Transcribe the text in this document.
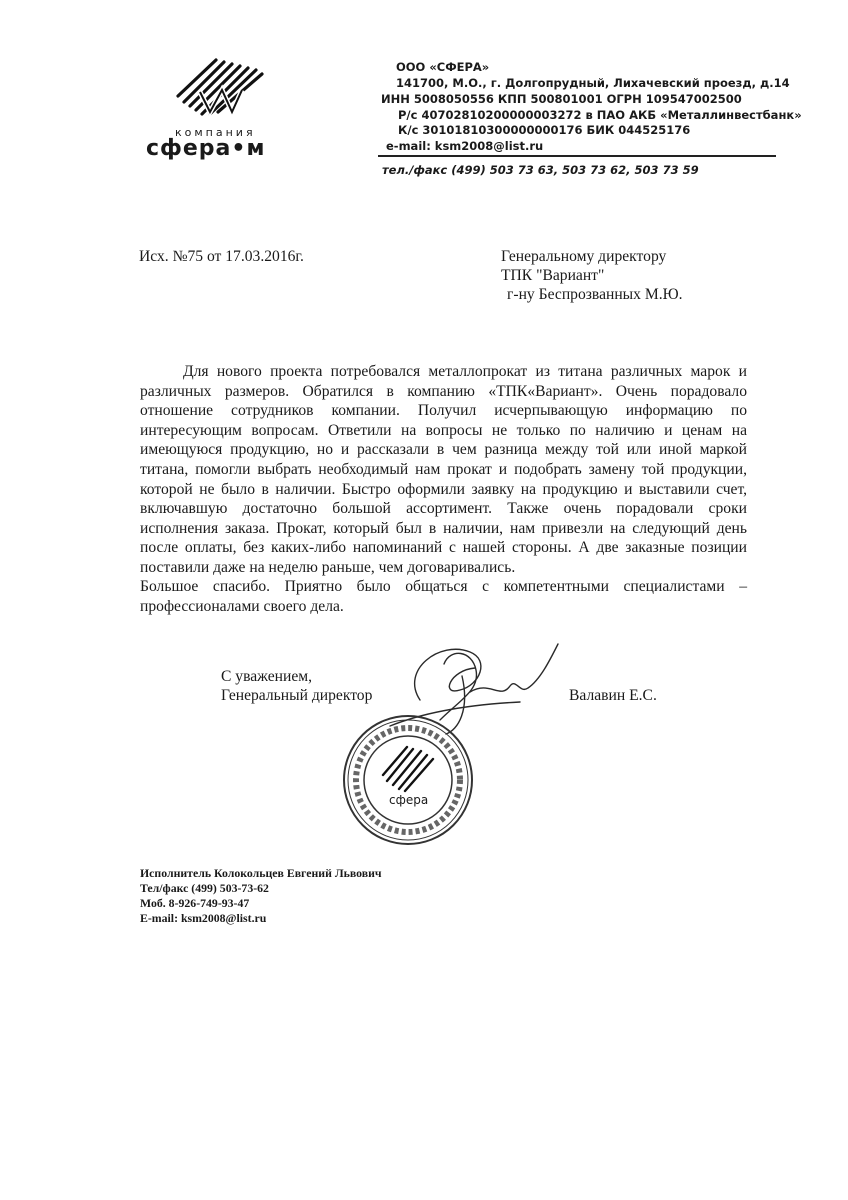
компания
сфера•м
ООО «СФЕРА»
141700, М.О., г. Долгопрудный, Лихачевский проезд, д.14
ИНН 5008050556 КПП 500801001 ОГРН 109547002500
Р/с 40702810200000003272 в ПАО АКБ «Металлинвестбанк»
К/с 30101810300000000176 БИК 044525176
e-mail: ksm2008@list.ru
тел./факс (499) 503 73 63, 503 73 62, 503 73 59
Исх. №75 от 17.03.2016г.	Генеральному директору
ТПК "Вариант"
г-ну Беспрозванных М.Ю.
Для нового проекта потребовался металлопрокат из титана различных марок и различных размеров. Обратился в компанию «ТПК«Вариант». Очень порадовало отношение сотрудников компании. Получил исчерпывающую информацию по интересующим вопросам. Ответили на вопросы не только по наличию и ценам на имеющуюся продукцию, но и рассказали в чем разница между той или иной маркой титана, помогли выбрать необходимый нам прокат и подобрать замену той продукции, которой не было в наличии. Быстро оформили заявку на продукцию и выставили счет, включавшую достаточно большой ассортимент. Также очень порадовали сроки исполнения заказа. Прокат, который был в наличии, нам привезли на следующий день после оплаты, без каких-либо напоминаний с нашей стороны. А две заказные позиции поставили даже на неделю раньше, чем договаривались.
Большое спасибо. Приятно было общаться с компетентными специалистами – профессионалами своего дела.
С уважением,
Генеральный директор	Валавин Е.С.
сфера
Исполнитель Колокольцев Евгений Львович
Тел/факс (499) 503-73-62
Моб. 8-926-749-93-47
E-mail: ksm2008@list.ru
